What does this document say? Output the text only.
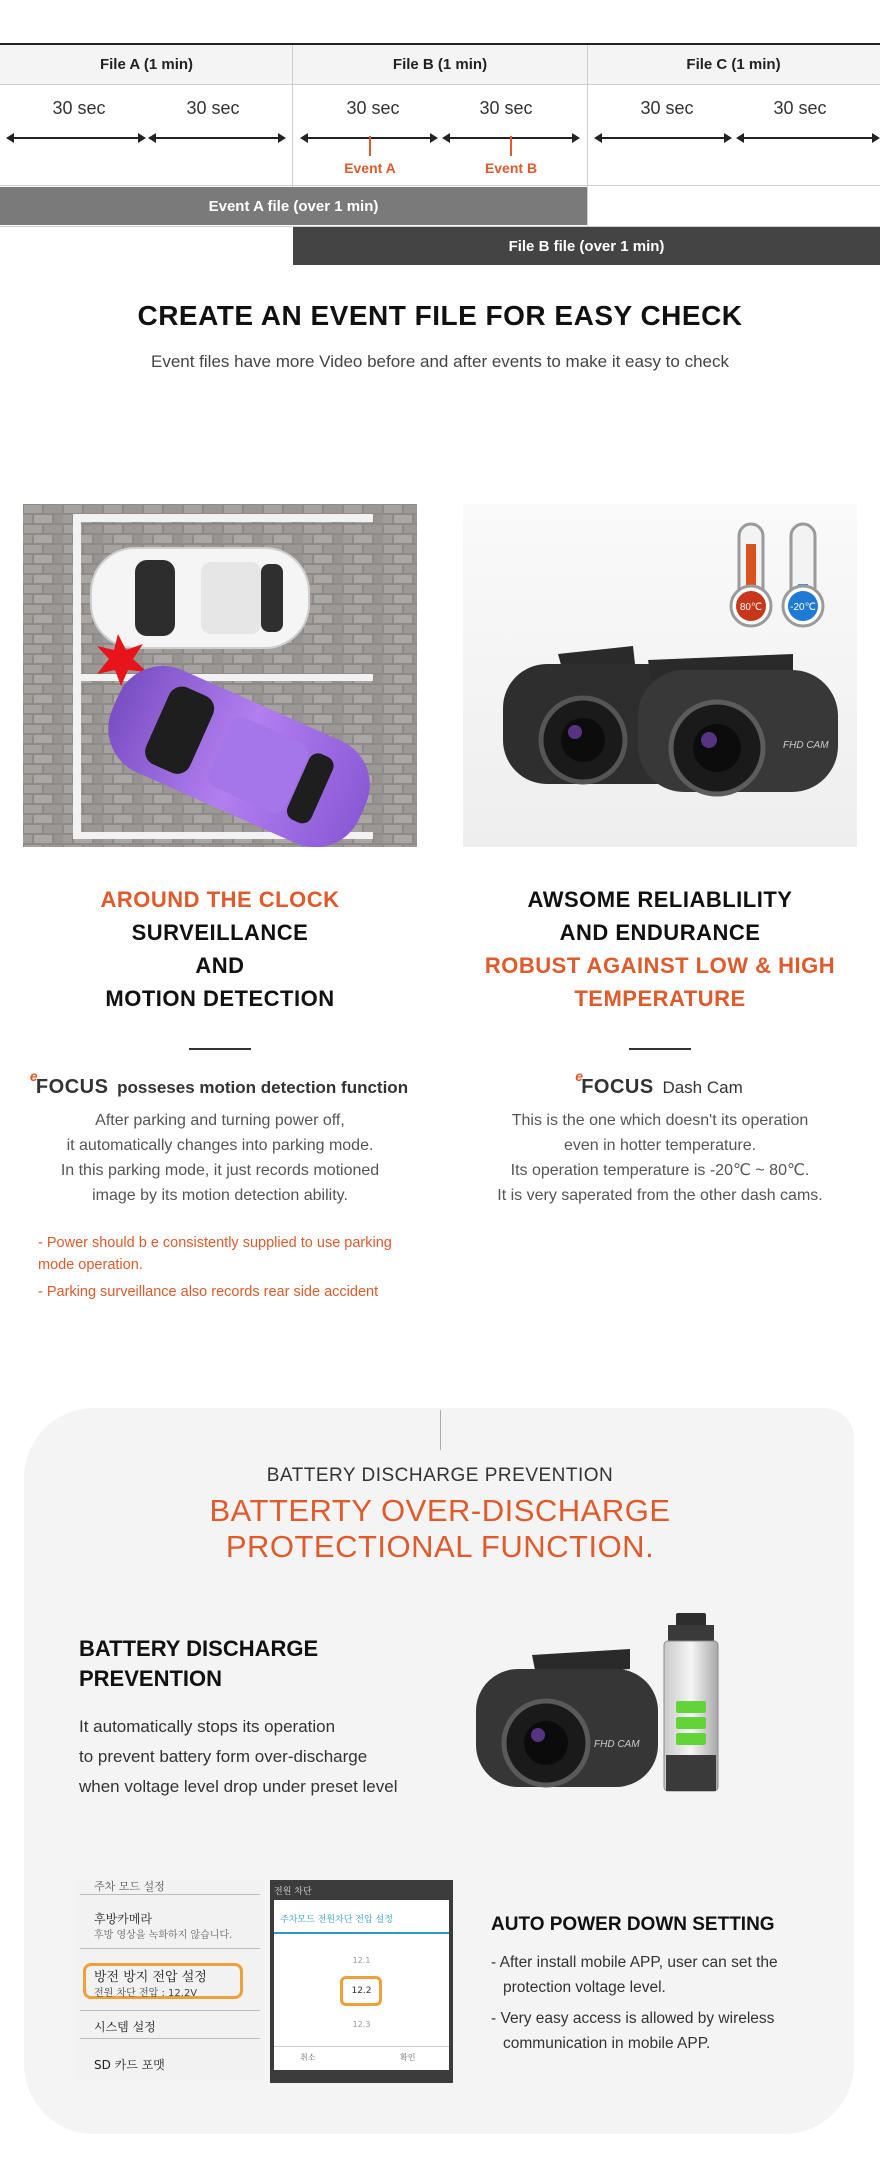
File A (1 min)	File B (1 min)	File C (1 min)
30 sec	30 sec	30 sec	30 sec	30 sec	30 sec
Event A	Event B
Event A file (over 1 min)
File B file (over 1 min)
CREATE AN EVENT FILE FOR EASY CHECK
Event files have more Video before and after events to make it easy to check
80℃	-20℃
FHD CAM
AROUND THE CLOCK
SURVEILLANCE
AND
MOTION DETECTION
AWSOME RELIABLILITY
AND ENDURANCE
ROBUST AGAINST LOW & HIGH
TEMPERATURE
e
FOCUS posseses motion detection function
e
FOCUS Dash Cam
After parking and turning power off,
it automatically changes into parking mode.
In this parking mode, it just records motioned
image by its motion detection ability.
This is the one which doesn't its operation
even in hotter temperature.
Its operation temperature is -20℃ ~ 80℃.
It is very saperated from the other dash cams.
- Power should b e consistently supplied to use parking mode operation.
- Parking surveillance also records rear side accident
BATTERY DISCHARGE PREVENTION
BATTERTY OVER-DISCHARGE
PROTECTIONAL FUNCTION.
BATTERY DISCHARGE
PREVENTION
It automatically stops its operation
to prevent battery form over-discharge
when voltage level drop under preset level
FHD CAM
주차 모드 설정
후방카메라
후방 영상을 녹화하지 않습니다.
방전 방지 전압 설정
전원 차단 전압 : 12.2V
시스템 설정
SD 카드 포맷
전원 차단
주차모드 전원차단 전압 설정
12.1
12.2
12.3
취소	확인
AUTO POWER DOWN SETTING
- After install mobile APP, user can set the protection voltage level.
- Very easy access is allowed by wireless communication in mobile APP.
